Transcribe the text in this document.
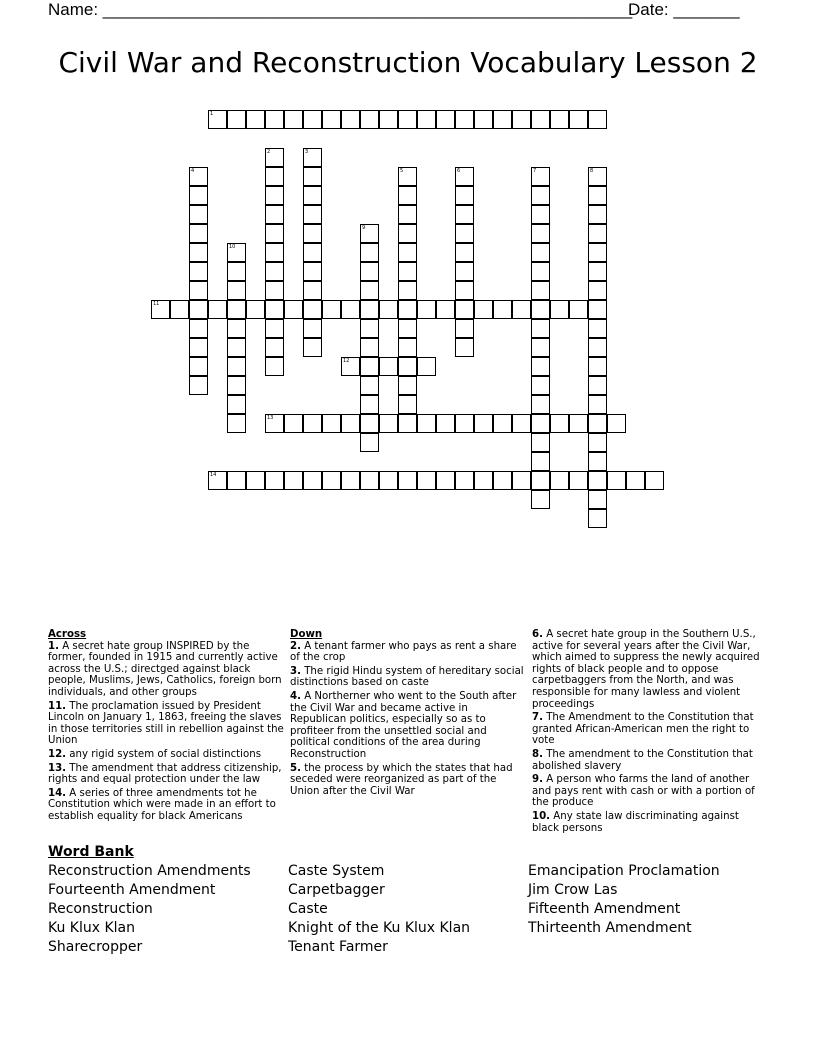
Name: ________________________________________________________
Date: _______
Civil War and Reconstruction Vocabulary Lesson 2
1
2	3
4	5	6	7	8
9
10
11
12
13
14
Across
1. A secret hate group INSPIRED by the former, founded in 1915 and currently active across the U.S.; directged against black people, Muslims, Jews, Catholics, foreign born individuals, and other groups
11. The proclamation issued by President Lincoln on January 1, 1863, freeing the slaves in those territories still in rebellion against the Union
12. any rigid system of social distinctions
13. The amendment that address citizenship, rights and equal protection under the law
14. A series of three amendments tot he Constitution which were made in an effort to establish equality for black Americans
Down
2. A tenant farmer who pays as rent a share of the crop
3. The rigid Hindu system of hereditary social distinctions based on caste
4. A Northerner who went to the South after the Civil War and became active in Republican politics, especially so as to profiteer from the unsettled social and political conditions of the area during Reconstruction
5. the process by which the states that had seceded were reorganized as part of the Union after the Civil War
6. A secret hate group in the Southern U.S., active for several years after the Civil War, which aimed to suppress the newly acquired rights of black people and to oppose carpetbaggers from the North, and was responsible for many lawless and violent proceedings
7. The Amendment to the Constitution that granted African-American men the right to vote
8. The amendment to the Constitution that abolished slavery
9. A person who farms the land of another and pays rent with cash or with a portion of the produce
10. Any state law discriminating against black persons
Word Bank
Reconstruction Amendments	Caste System	Emancipation Proclamation
Fourteenth Amendment	Carpetbagger	Jim Crow Las
Reconstruction	Caste	Fifteenth Amendment
Ku Klux Klan	Knight of the Ku Klux Klan	Thirteenth Amendment
Sharecropper	Tenant Farmer
